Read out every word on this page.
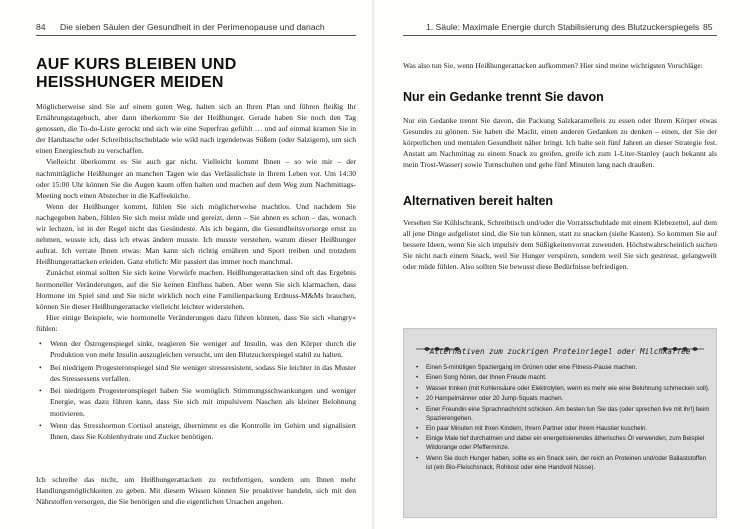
84 Die sieben Säulen der Gesundheit in der Perimenopause und danach
AUF KURS BLEIBEN UND HEISSHUNGER MEIDEN

Möglicherweise sind Sie auf einem guten Weg, halten sich an Ihren Plan und führen fleißig Ihr Ernährungstagebuch, aber dann überkommt Sie der Heißhunger. Gerade haben Sie noch den Tag genossen, die To-do-Liste gerockt und sich wie eine Superfrau gefühlt … und auf einmal kramen Sie in der Handtasche oder Schreibtischschublade wie wild nach irgendetwas Süßem (oder Salzigem), um sich einen Energieschub zu verschaffen.

Vielleicht überkommt es Sie auch gar nicht. Vielleicht kommt Ihnen – so wie mir – der nachmittägliche Heißhunger an manchen Tagen wie das Verlässlichste in Ihrem Leben vor. Um 14:30 oder 15:00 Uhr können Sie die Augen kaum offen halten und machen auf dem Weg zum Nachmittags-Meeting noch einen Abstecher in die Kaffeeküche.

Wenn der Heißhunger kommt, fühlen Sie sich möglicherweise machtlos. Und nachdem Sie nachgegeben haben, fühlen Sie sich meist müde und gereizt, denn – Sie ahnen es schon – das, wonach wir lechzen, ist in der Regel nicht das Gesündeste. Als ich begann, die Gesundheitsvorsorge ernst zu nehmen, wusste ich, dass ich etwas ändern musste. Ich musste verstehen, warum dieser Heißhunger auftrat. Ich verrate Ihnen etwas: Man kann sich richtig ernähren und Sport treiben und trotzdem Heißhungerattacken erleiden. Ganz ehrlich: Mir passiert das immer noch manchmal.

Zunächst einmal sollten Sie sich keine Vorwürfe machen. Heißhungerattacken sind oft das Ergebnis hormoneller Veränderungen, auf die Sie keinen Einfluss haben. Aber wenn Sie sich klarmachen, dass Hormone im Spiel sind und Sie nicht wirklich noch eine Familienpackung Erdnuss-M&Ms brauchen, können Sie dieser Heißhungerattacke vielleicht leichter widerstehen.

Hier einige Beispiele, wie hormonelle Veränderungen dazu führen können, dass Sie sich »hangry« fühlen:

• Wenn der Östrogenspiegel sinkt, reagieren Sie weniger auf Insulin, was den Körper durch die Produktion von mehr Insulin auszugleichen versucht, um den Blutzuckerspiegel stabil zu halten.
• Bei niedrigem Progesteronspiegel sind Sie weniger stressresistent, sodass Sie leichter in das Muster des Stressessens verfallen.
• Bei niedrigem Progesteronspiegel haben Sie womöglich Stimmungsschwankungen und weniger Energie, was dazu führen kann, dass Sie sich mit impulsivem Naschen als kleiner Belohnung motivieren.
• Wenn das Stresshormon Cortisol ansteigt, übernimmt es die Kontrolle im Gehirn und signalisiert Ihnen, dass Sie Kohlenhydrate und Zucker benötigen.

Ich schreibe das nicht, um Heißhungerattacken zu rechtfertigen, sondern um Ihnen mehr Handlungsmöglichkeiten zu geben. Mit diesem Wissen können Sie proaktiver handeln, sich mit den Nährstoffen versorgen, die Sie benötigen und die eigentlichen Ursachen angehen.

1. Säule: Maximale Energie durch Stabilisierung des Blutzuckerspiegels 85

Was also tun Sie, wenn Heißhungerattacken aufkommen? Hier sind meine wichtigsten Vorschläge:

Nur ein Gedanke trennt Sie davon

Nur ein Gedanke trennt Sie davon, die Packung Salzkaramelleis zu essen oder Ihrem Körper etwas Gesundes zu gönnen. Sie haben die Macht, einen anderen Gedanken zu denken – einen, der Sie der körperlichen und mentalen Gesundheit näher bringt. Ich halte seit fünf Jahren an dieser Strategie fest. Anstatt am Nachmittag zu einem Snack zu greifen, greife ich zum 1-Liter-Stanley (auch bekannt als mein Trost-Wasser) sowie Turnschuhen und gehe fünf Minuten lang nach draußen.

Alternativen bereit halten

Versehen Sie Kühlschrank, Schreibtisch und/oder die Vorratsschublade mit einem Klebezettel, auf dem all jene Dinge aufgelistet sind, die Sie tun können, statt zu snacken (siehe Kasten). So kommen Sie auf bessere Ideen, wenn Sie sich impulsiv dem Süßigkeitenvorrat zuwenden. Höchstwahrscheinlich suchen Sie nicht nach einem Snack, weil Sie Hunger verspüren, sondern weil Sie sich gestresst, gelangweilt oder müde fühlen. Also sollten Sie bewusst diese Bedürfnisse befriedigen.

Alternativen zum zuckrigen Proteinriegel oder Milchkaffee
• Einen 5-minütigen Spaziergang im Grünen oder eine Fitness-Pause machen.
• Einen Song hören, der Ihnen Freude macht.
• Wasser trinken (mit Kohlensäure oder Elektrolyten, wenn es mehr wie eine Belohnung schmecken soll).
• 20 Hampelmänner oder 20 Jump-Squats machen.
• Einer Freundin eine Sprachnachricht schicken. Am besten tun Sie das (oder sprechen live mit ihr!) beim Spazierengehen.
• Ein paar Minuten mit Ihren Kindern, Ihrem Partner oder Ihrem Haustier kuscheln.
• Einige Male tief durchatmen und dabei ein energetisierendes ätherisches Öl verwenden, zum Beispiel Wildorange oder Pfefferminze.
• Wenn Sie doch Hunger haben, sollte es ein Snack sein, der reich an Proteinen und/oder Ballaststoffen ist (ein Bio-Fleischsnack, Rohkost oder eine Handvoll Nüsse).
